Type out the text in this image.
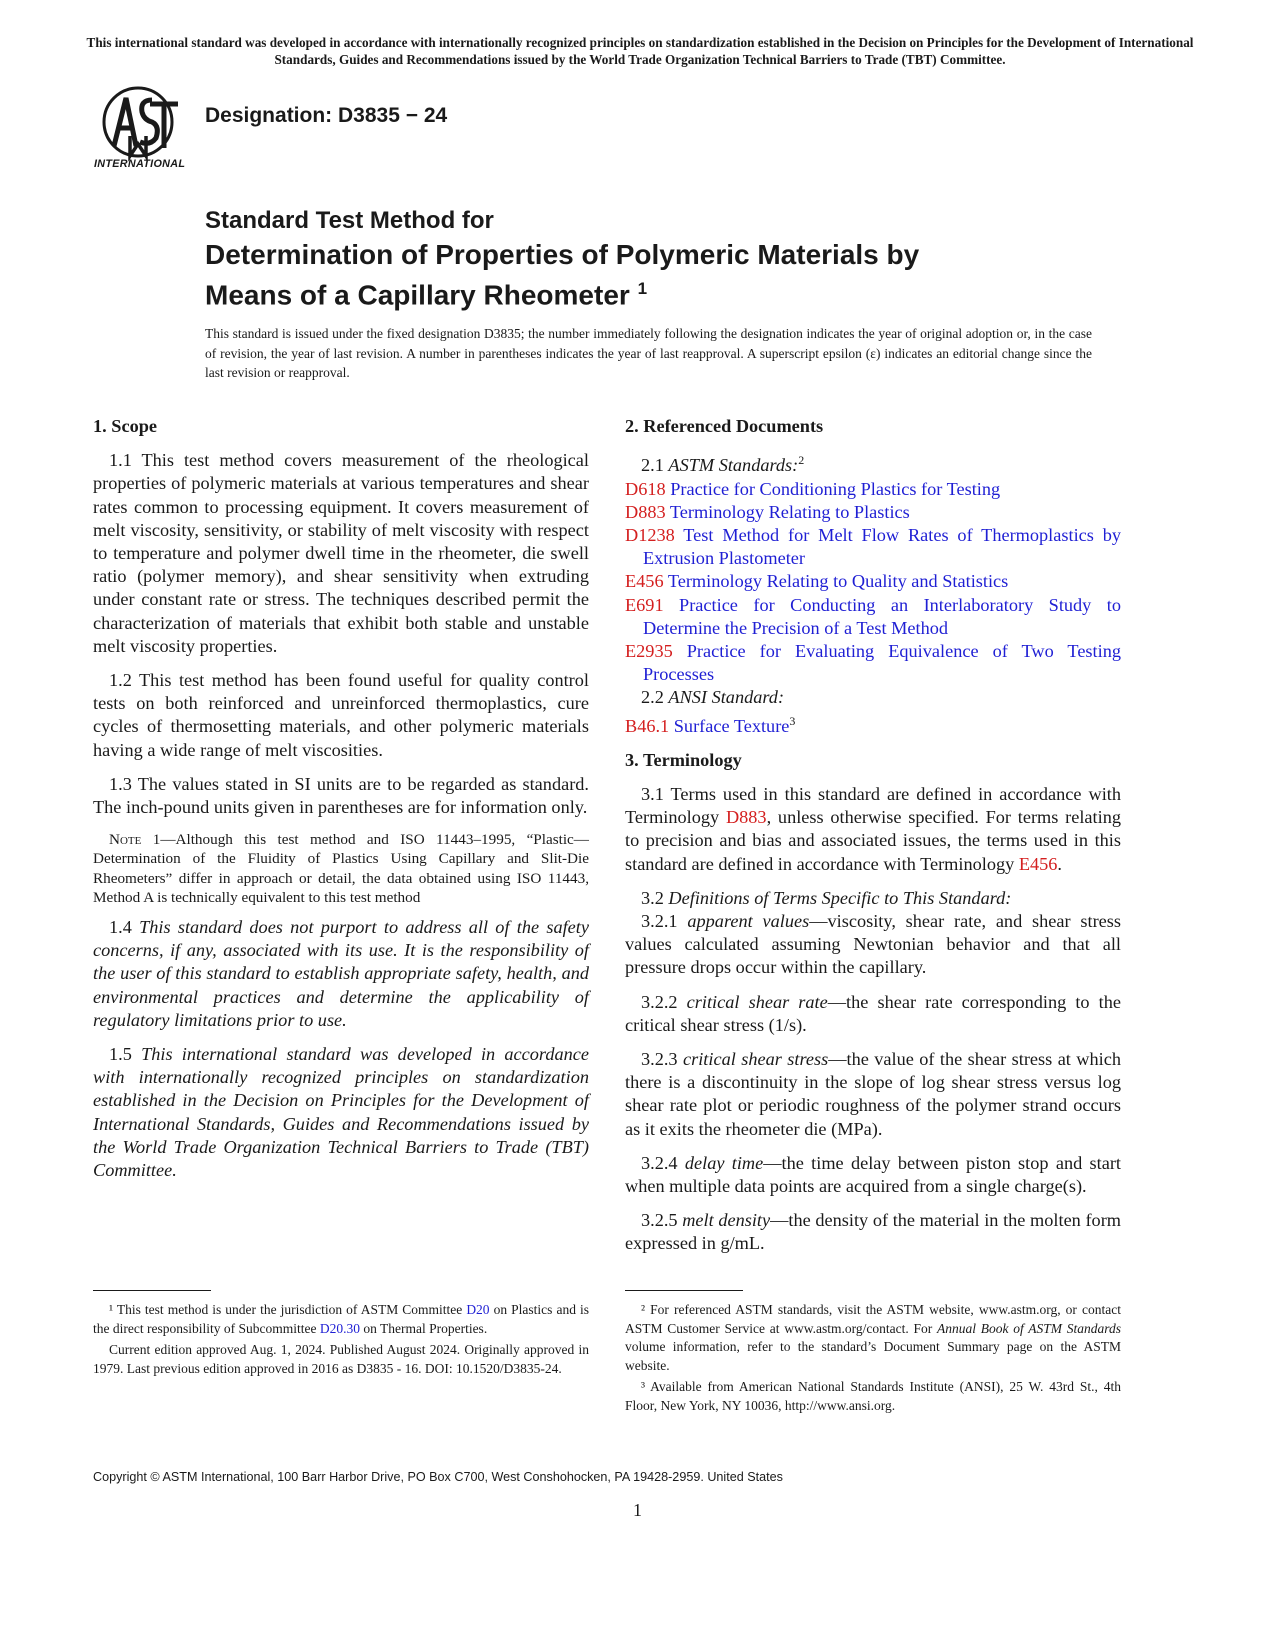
This international standard was developed in accordance with internationally recognized principles on standardization established in the Decision on Principles for the Development of International Standards, Guides and Recommendations issued by the World Trade Organization Technical Barriers to Trade (TBT) Committee.
INTERNATIONAL
Designation: D3835 − 24
Standard Test Method for
Determination of Properties of Polymeric Materials by
Means of a Capillary Rheometer $^1$
This standard is issued under the fixed designation D3835; the number immediately following the designation indicates the year of original adoption or, in the case of revision, the year of last revision. A number in parentheses indicates the year of last reapproval. A superscript epsilon (ε) indicates an editorial change since the last revision or reapproval.
1. Scope

1.1 This test method covers measurement of the rheological properties of polymeric materials at various temperatures and shear rates common to processing equipment. It covers measurement of melt viscosity, sensitivity, or stability of melt viscosity with respect to temperature and polymer dwell time in the rheometer, die swell ratio (polymer memory), and shear sensitivity when extruding under constant rate or stress. The techniques described permit the characterization of materials that exhibit both stable and unstable melt viscosity properties.

1.2 This test method has been found useful for quality control tests on both reinforced and unreinforced thermoplastics, cure cycles of thermosetting materials, and other polymeric materials having a wide range of melt viscosities.

1.3 The values stated in SI units are to be regarded as standard. The inch-pound units given in parentheses are for information only.

Note 1—Although this test method and ISO 11443–1995, “Plastic—Determination of the Fluidity of Plastics Using Capillary and Slit-Die Rheometers” differ in approach or detail, the data obtained using ISO 11443, Method A is technically equivalent to this test method

1.4 This standard does not purport to address all of the safety concerns, if any, associated with its use. It is the responsibility of the user of this standard to establish appropriate safety, health, and environmental practices and determine the applicability of regulatory limitations prior to use.

1.5 This international standard was developed in accordance with internationally recognized principles on standardization established in the Decision on Principles for the Development of International Standards, Guides and Recommendations issued by the World Trade Organization Technical Barriers to Trade (TBT) Committee.

2. Referenced Documents
2.1 ASTM Standards:$^2$
D618 Practice for Conditioning Plastics for Testing
D883 Terminology Relating to Plastics
D1238 Test Method for Melt Flow Rates of Thermoplastics by Extrusion Plastometer
E456 Terminology Relating to Quality and Statistics
E691 Practice for Conducting an Interlaboratory Study to Determine the Precision of a Test Method
E2935 Practice for Evaluating Equivalence of Two Testing Processes
2.2 ANSI Standard:
B46.1 Surface Texture$^3$
3. Terminology

3.1 Terms used in this standard are defined in accordance with Terminology D883, unless otherwise specified. For terms relating to precision and bias and associated issues, the terms used in this standard are defined in accordance with Terminology E456.

3.2 Definitions of Terms Specific to This Standard:

3.2.1 apparent values—viscosity, shear rate, and shear stress values calculated assuming Newtonian behavior and that all pressure drops occur within the capillary.

3.2.2 critical shear rate—the shear rate corresponding to the critical shear stress (1/s).

3.2.3 critical shear stress—the value of the shear stress at which there is a discontinuity in the slope of log shear stress versus log shear rate plot or periodic roughness of the polymer strand occurs as it exits the rheometer die (MPa).

3.2.4 delay time—the time delay between piston stop and start when multiple data points are acquired from a single charge(s).

3.2.5 melt density—the density of the material in the molten form expressed in g/mL.

¹ This test method is under the jurisdiction of ASTM Committee D20 on Plastics and is the direct responsibility of Subcommittee D20.30 on Thermal Properties.

Current edition approved Aug. 1, 2024. Published August 2024. Originally approved in 1979. Last previous edition approved in 2016 as D3835 - 16. DOI: 10.1520/D3835-24.

² For referenced ASTM standards, visit the ASTM website, www.astm.org, or contact ASTM Customer Service at www.astm.org/contact. For Annual Book of ASTM Standards volume information, refer to the standard’s Document Summary page on the ASTM website.

³ Available from American National Standards Institute (ANSI), 25 W. 43rd St., 4th Floor, New York, NY 10036, http://www.ansi.org.

Copyright © ASTM International, 100 Barr Harbor Drive, PO Box C700, West Conshohocken, PA 19428-2959. United States
1
